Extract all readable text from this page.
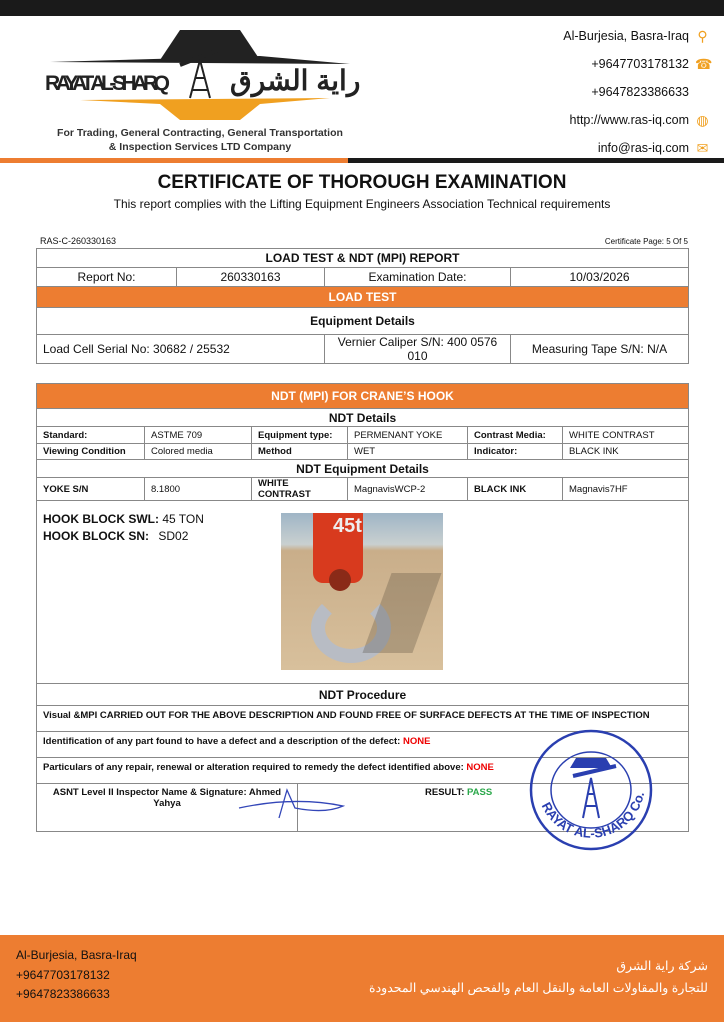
RAYAT AL-SHARQ راية الشرق
For Trading, General Contracting, General Transportation
& Inspection Services LTD Company
Al-Burjesia, Basra-Iraq ⚲
+9647703178132 ☎
+9647823386633
http://www.ras-iq.com ◍
info@ras-iq.com ✉
CERTIFICATE OF THOROUGH EXAMINATION
This report complies with the Lifting Equipment Engineers Association Technical requirements
RAS-C-260330163	Certificate Page: 5 Of 5
LOAD TEST & NDT (MPI) REPORT			
Report No:	260330163	Examination Date:	10/03/2026
LOAD TEST			
Equipment Details			
Load Cell Serial No: 30682 / 25532		Vernier Caliper S/N: 400 0576 010	Measuring Tape S/N: N/A
NDT (MPI) FOR CRANE’S HOOK						
NDT Details						
Standard:	ASTME 709	Equipment type:		PERMENANT YOKE	Contrast Media:	WHITE CONTRAST
Viewing Condition	Colored media	Method		WET	Indicator:	BLACK INK
NDT Equipment Details						
YOKE S/N	8.1800	WHITE CONTRAST		MagnavisWCP-2	BLACK INK	Magnavis7HF

HOOK BLOCK SWL: 45 TON
HOOK BLOCK SN: SD02 45t						

NDT Procedure						
Visual &MPI CARRIED OUT FOR THE ABOVE DESCRIPTION AND FOUND FREE OF SURFACE DEFECTS AT THE TIME OF INSPECTION						
Identification of any part found to have a defect and a description of the defect: NONE						
Particulars of any repair, renewal or alteration required to remedy the defect identified above: NONE						
ASNT Level II Inspector Name & Signature: Ahmed Yahya			RESULT: PASS			
RAYAT AL-SHARQ Co.
Al-Burjesia, Basra-Iraq
+9647703178132
+9647823386633
شركة راية الشرق
للتجارة والمقاولات العامة والنقل العام والفحص الهندسي المحدودة
